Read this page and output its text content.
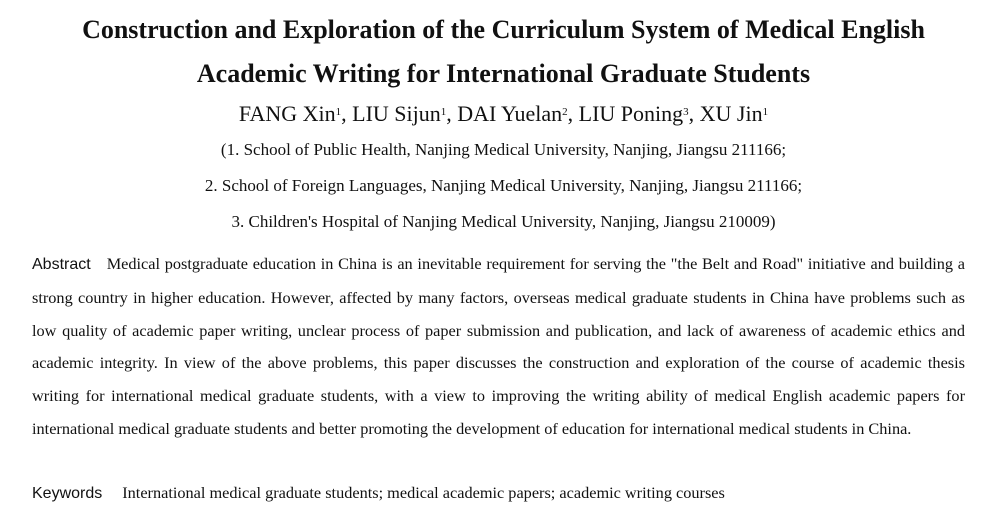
Construction and Exploration of the Curriculum System of Medical English
Academic Writing for International Graduate Students
FANG Xin$^1$, LIU Sijun$^1$, DAI Yuelan$^2$, LIU Poning$^3$, XU Jin$^1$
(1. School of Public Health, Nanjing Medical University, Nanjing, Jiangsu 211166;
2. School of Foreign Languages, Nanjing Medical University, Nanjing, Jiangsu 211166;
3. Children's Hospital of Nanjing Medical University, Nanjing, Jiangsu 210009)
Abstract Medical postgraduate education in China is an inevitable requirement for serving the "the Belt and Road" initiative and building a strong country in higher education. However, affected by many factors, overseas medical graduate students in China have problems such as low quality of academic paper writing, unclear process of paper submission and publication, and lack of awareness of academic ethics and academic integrity. In view of the above problems, this paper discusses the construction and exploration of the course of academic thesis writing for international medical graduate students, with a view to improving the writing ability of medical English academic papers for international medical graduate students and better promoting the development of education for international medical students in China.
Keywords International medical graduate students; medical academic papers; academic writing courses
